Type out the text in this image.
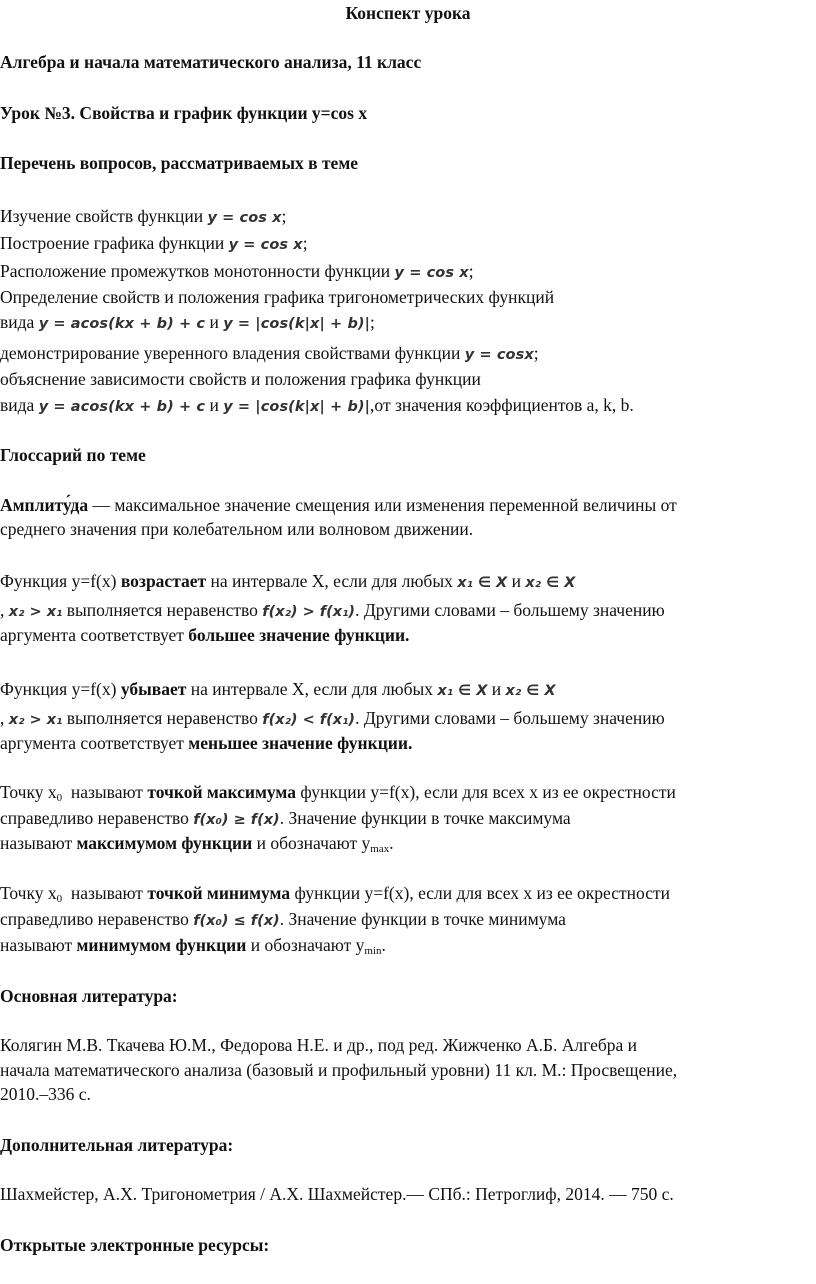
Конспект урока

Алгебра и начала математического анализа, 11 класс

Урок №3. Свойства и график функции y=cos x

Перечень вопросов, рассматриваемых в теме

Изучение свойств функции y = cos x;

Построение графика функции y = cos x;

Расположение промежутков монотонности функции y = cos x;

Определение свойств и положения графика тригонометрических функций

вида y = acos(kx + b) + c и y = |cos(k|x| + b)|;

демонстрирование уверенного владения свойствами функции y = cosx;

объяснение зависимости свойств и положения графика функции

вида y = acos(kx + b) + c и y = |cos(k|x| + b)|,от значения коэффициентов a, k, b.

Глоссарий по теме

Амплиту́да — максимальное значение смещения или изменения переменной величины от

среднего значения при колебательном или волновом движении.

Функция y=f(x) возрастает на интервале X, если для любых x₁ ∈ X и x₂ ∈ X

, x₂ > x₁ выполняется неравенство f(x₂) > f(x₁). Другими словами – большему значению

аргумента соответствует большее значение функции.

Функция y=f(x) убывает на интервале X, если для любых x₁ ∈ X и x₂ ∈ X

, x₂ > x₁ выполняется неравенство f(x₂) < f(x₁). Другими словами – большему значению

аргумента соответствует меньшее значение функции.

Точку $x_0$  называют точкой максимума функции y=f(x), если для всех x из ее окрестности

справедливо неравенство f(x₀) ≥ f(x). Значение функции в точке максимума

называют максимумом функции и обозначают $y_{max}$.

Точку $x_0$  называют точкой минимума функции y=f(x), если для всех x из ее окрестности

справедливо неравенство f(x₀) ≤ f(x). Значение функции в точке минимума

называют минимумом функции и обозначают $y_{min}$.

Основная литература:

Колягин М.В. Ткачева Ю.М., Федорова Н.Е. и др., под ред. Жижченко А.Б. Алгебра и

начала математического анализа (базовый и профильный уровни) 11 кл. М.: Просвещение,

2010.–336 с.

Дополнительная литература:

Шахмейстер, А.Х. Тригонометрия / А.Х. Шахмейстер.— СПб.: Петроглиф, 2014. — 750 с.

Открытые электронные ресурсы:
